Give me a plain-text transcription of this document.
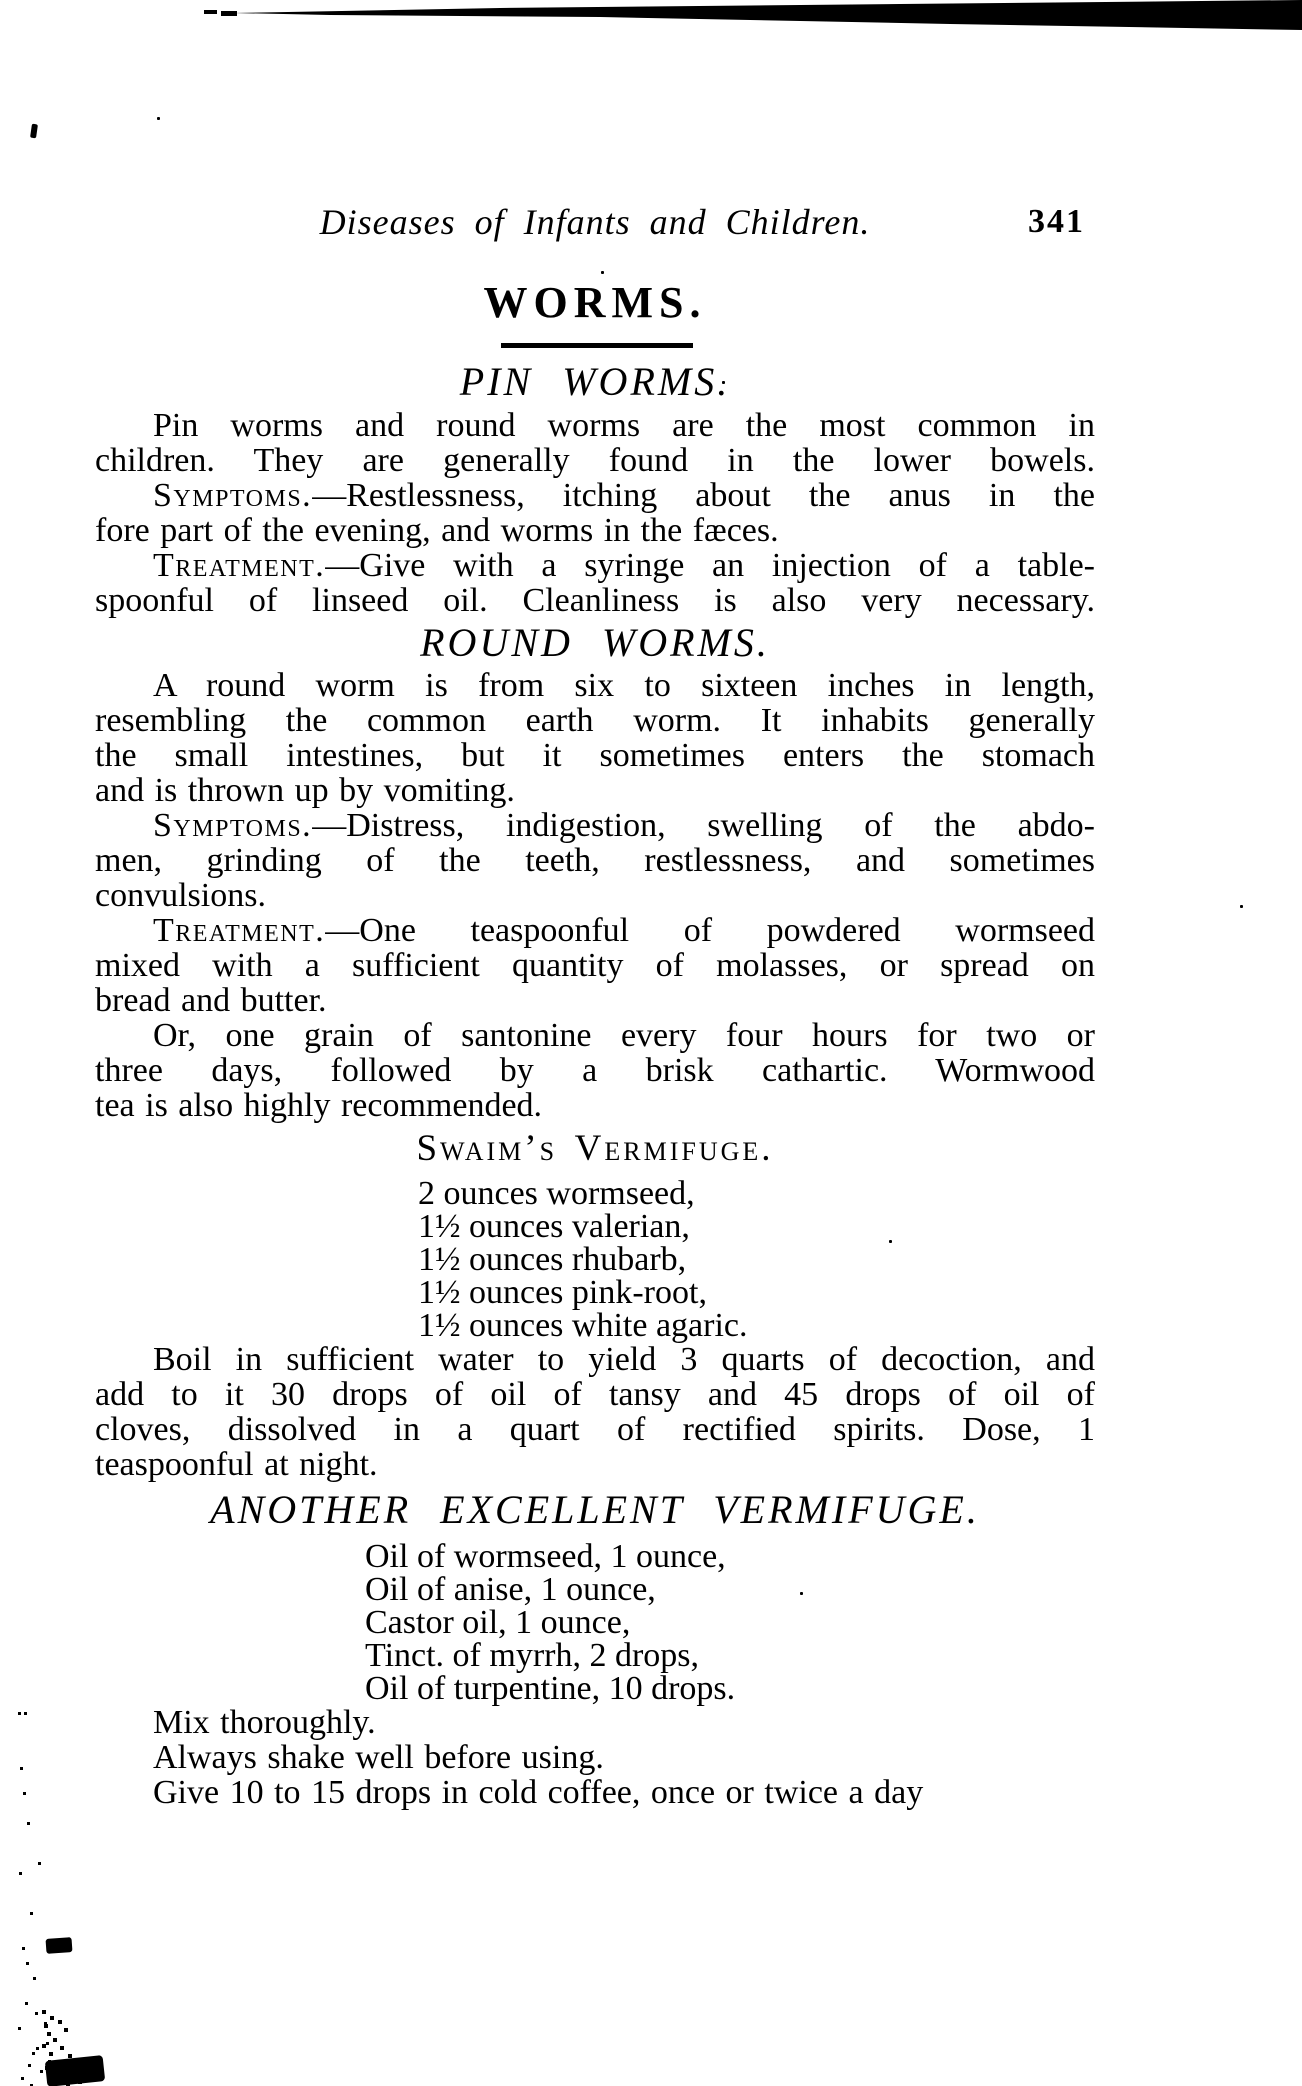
Diseases of Infants and Children.	341
WORMS.
PIN WORMS.
Pin worms and round worms are the most common in
children. They are generally found in the lower bowels.
Symptoms.—Restlessness, itching about the anus in the
fore part of the evening, and worms in the fæces.
Treatment.—Give with a syringe an injection of a table-
spoonful of linseed oil. Cleanliness is also very necessary.
ROUND WORMS.
A round worm is from six to sixteen inches in length,
resembling the common earth worm. It inhabits generally
the small intestines, but it sometimes enters the stomach
and is thrown up by vomiting.
Symptoms.—Distress, indigestion, swelling of the abdo-
men, grinding of the teeth, restlessness, and sometimes
convulsions.
Treatment.—One teaspoonful of powdered wormseed
mixed with a sufficient quantity of molasses, or spread on
bread and butter.
Or, one grain of santonine every four hours for two or
three days, followed by a brisk cathartic. Wormwood
tea is also highly recommended.
Swaim’s Vermifuge.
2 ounces wormseed,
1½ ounces valerian,
1½ ounces rhubarb,
1½ ounces pink-root,
1½ ounces white agaric.
Boil in sufficient water to yield 3 quarts of decoction, and
add to it 30 drops of oil of tansy and 45 drops of oil of
cloves, dissolved in a quart of rectified spirits. Dose, 1
teaspoonful at night.
ANOTHER EXCELLENT VERMIFUGE.
Oil of wormseed, 1 ounce,
Oil of anise, 1 ounce,
Castor oil, 1 ounce,
Tinct. of myrrh, 2 drops,
Oil of turpentine, 10 drops.
Mix thoroughly.
Always shake well before using.
Give 10 to 15 drops in cold coffee, once or twice a day
